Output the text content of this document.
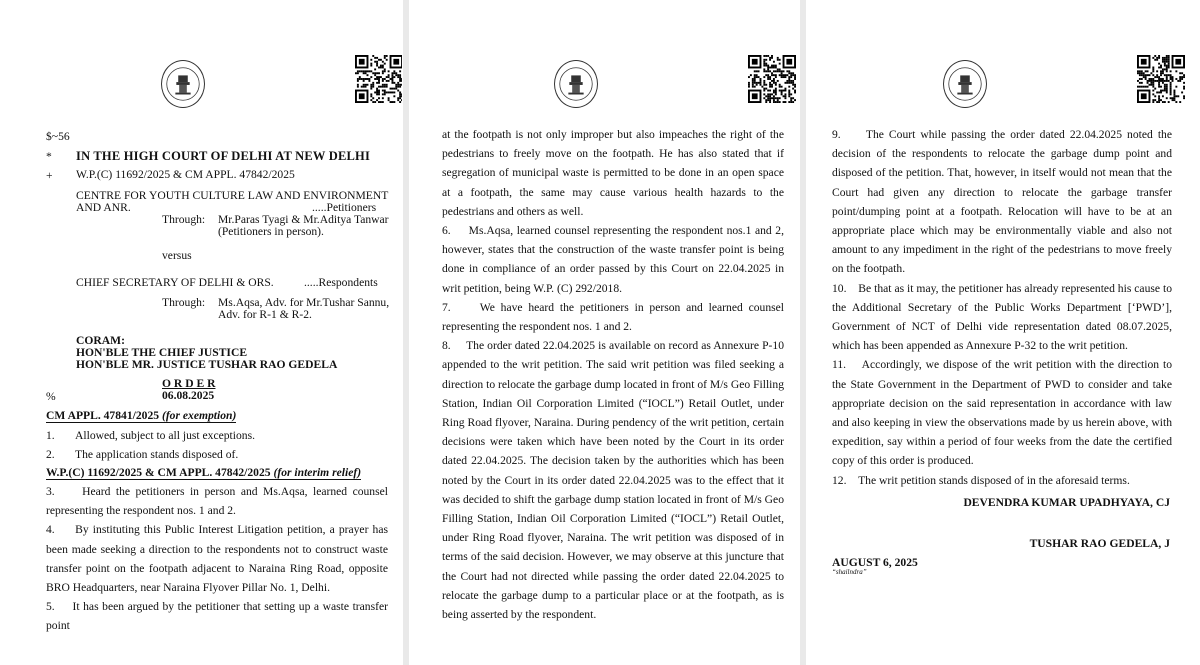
$~56
* IN THE HIGH COURT OF DELHI AT NEW DELHI
+ W.P.(C) 11692/2025 & CM APPL. 47842/2025
CENTRE FOR YOUTH CULTURE LAW AND ENVIRONMENT
AND ANR.	.....Petitioners
Through: Mr.Paras Tyagi & Mr.Aditya Tanwar
(Petitioners in person).
versus
CHIEF SECRETARY OF DELHI & ORS.	.....Respondents
Through: Ms.Aqsa, Adv. for Mr.Tushar Sannu,
Adv. for R-1 & R-2.
CORAM:
HON'BLE THE CHIEF JUSTICE
HON'BLE MR. JUSTICE TUSHAR RAO GEDELA
O R D E R
%	06.08.2025
CM APPL. 47841/2025 (for exemption)
1. Allowed, subject to all just exceptions.
2. The application stands disposed of.
W.P.(C) 11692/2025 & CM APPL. 47842/2025 (for interim relief)

3.     Heard the petitioners in person and Ms.Aqsa, learned counsel representing the respondent nos. 1 and 2.

4.     By instituting this Public Interest Litigation petition, a prayer has been made seeking a direction to the respondents not to construct waste transfer point on the footpath adjacent to Naraina Ring Road, opposite BRO Headquarters, near Naraina Flyover Pillar No. 1, Delhi.

5.     It has been argued by the petitioner that setting up a waste transfer point

at the footpath is not only improper but also impeaches the right of the pedestrians to freely move on the footpath. He has also stated that if segregation of municipal waste is permitted to be done in an open space at a footpath, the same may cause various health hazards to the pedestrians and others as well.

6.     Ms.Aqsa, learned counsel representing the respondent nos.1 and 2, however, states that the construction of the waste transfer point is being done in compliance of an order passed by this Court on 22.04.2025 in writ petition, being W.P. (C) 292/2018.

7.     We have heard the petitioners in person and learned counsel representing the respondent nos. 1 and 2.

8.     The order dated 22.04.2025 is available on record as Annexure P-10 appended to the writ petition. The said writ petition was filed seeking a direction to relocate the garbage dump located in front of M/s Geo Filling Station, Indian Oil Corporation Limited (“IOCL”) Retail Outlet, under Ring Road flyover, Naraina. During pendency of the writ petition, certain decisions were taken which have been noted by the Court in its order dated 22.04.2025. The decision taken by the authorities which has been noted by the Court in its order dated 22.04.2025 was to the effect that it was decided to shift the garbage dump station located in front of M/s Geo Filling Station, Indian Oil Corporation Limited (“IOCL”) Retail Outlet, under Ring Road flyover, Naraina. The writ petition was disposed of in terms of the said decision. However, we may observe at this juncture that the Court had not directed while passing the order dated 22.04.2025 to relocate the garbage dump to a particular place or at the footpath, as is being asserted by the respondent.

9.     The Court while passing the order dated 22.04.2025 noted the decision of the respondents to relocate the garbage dump point and disposed of the petition. That, however, in itself would not mean that the Court had given any direction to relocate the garbage transfer point/dumping point at a footpath. Relocation will have to be at an appropriate place which may be environmentally viable and also not amount to any impediment in the right of the pedestrians to move freely on the footpath.

10.    Be that as it may, the petitioner has already represented his cause to the Additional Secretary of the Public Works Department [‘PWD’], Government of NCT of Delhi vide representation dated 08.07.2025, which has been appended as Annexure P-32 to the writ petition.

11.    Accordingly, we dispose of the writ petition with the direction to the State Government in the Department of PWD to consider and take appropriate decision on the said representation in accordance with law and also keeping in view the observations made by us herein above, with expedition, say within a period of four weeks from the date the certified copy of this order is produced.

12.    The writ petition stands disposed of in the aforesaid terms.

DEVENDRA KUMAR UPADHYAYA, CJ
TUSHAR RAO GEDELA, J
AUGUST 6, 2025
“shailndra”
